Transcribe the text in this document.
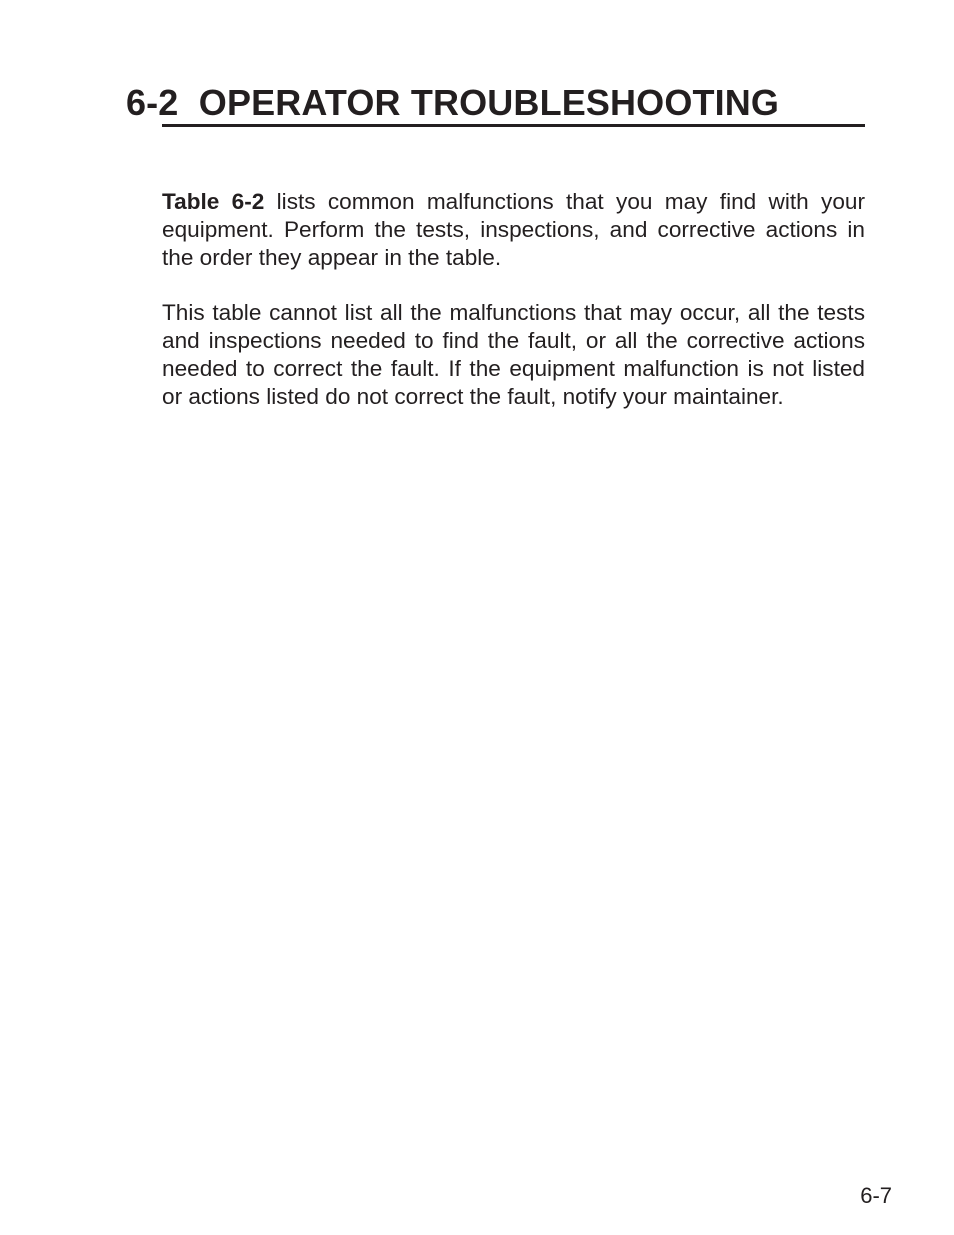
6-2 OPERATOR TROUBLESHOOTING

Table 6-2 lists common malfunctions that you may find with your equipment. Perform the tests, inspections, and corrective actions in the order they appear in the table.

This table cannot list all the malfunctions that may occur, all the tests and inspections needed to find the fault, or all the corrective actions needed to correct the fault. If the equipment malfunction is not listed or actions listed do not correct the fault, notify your maintainer.

6-7
